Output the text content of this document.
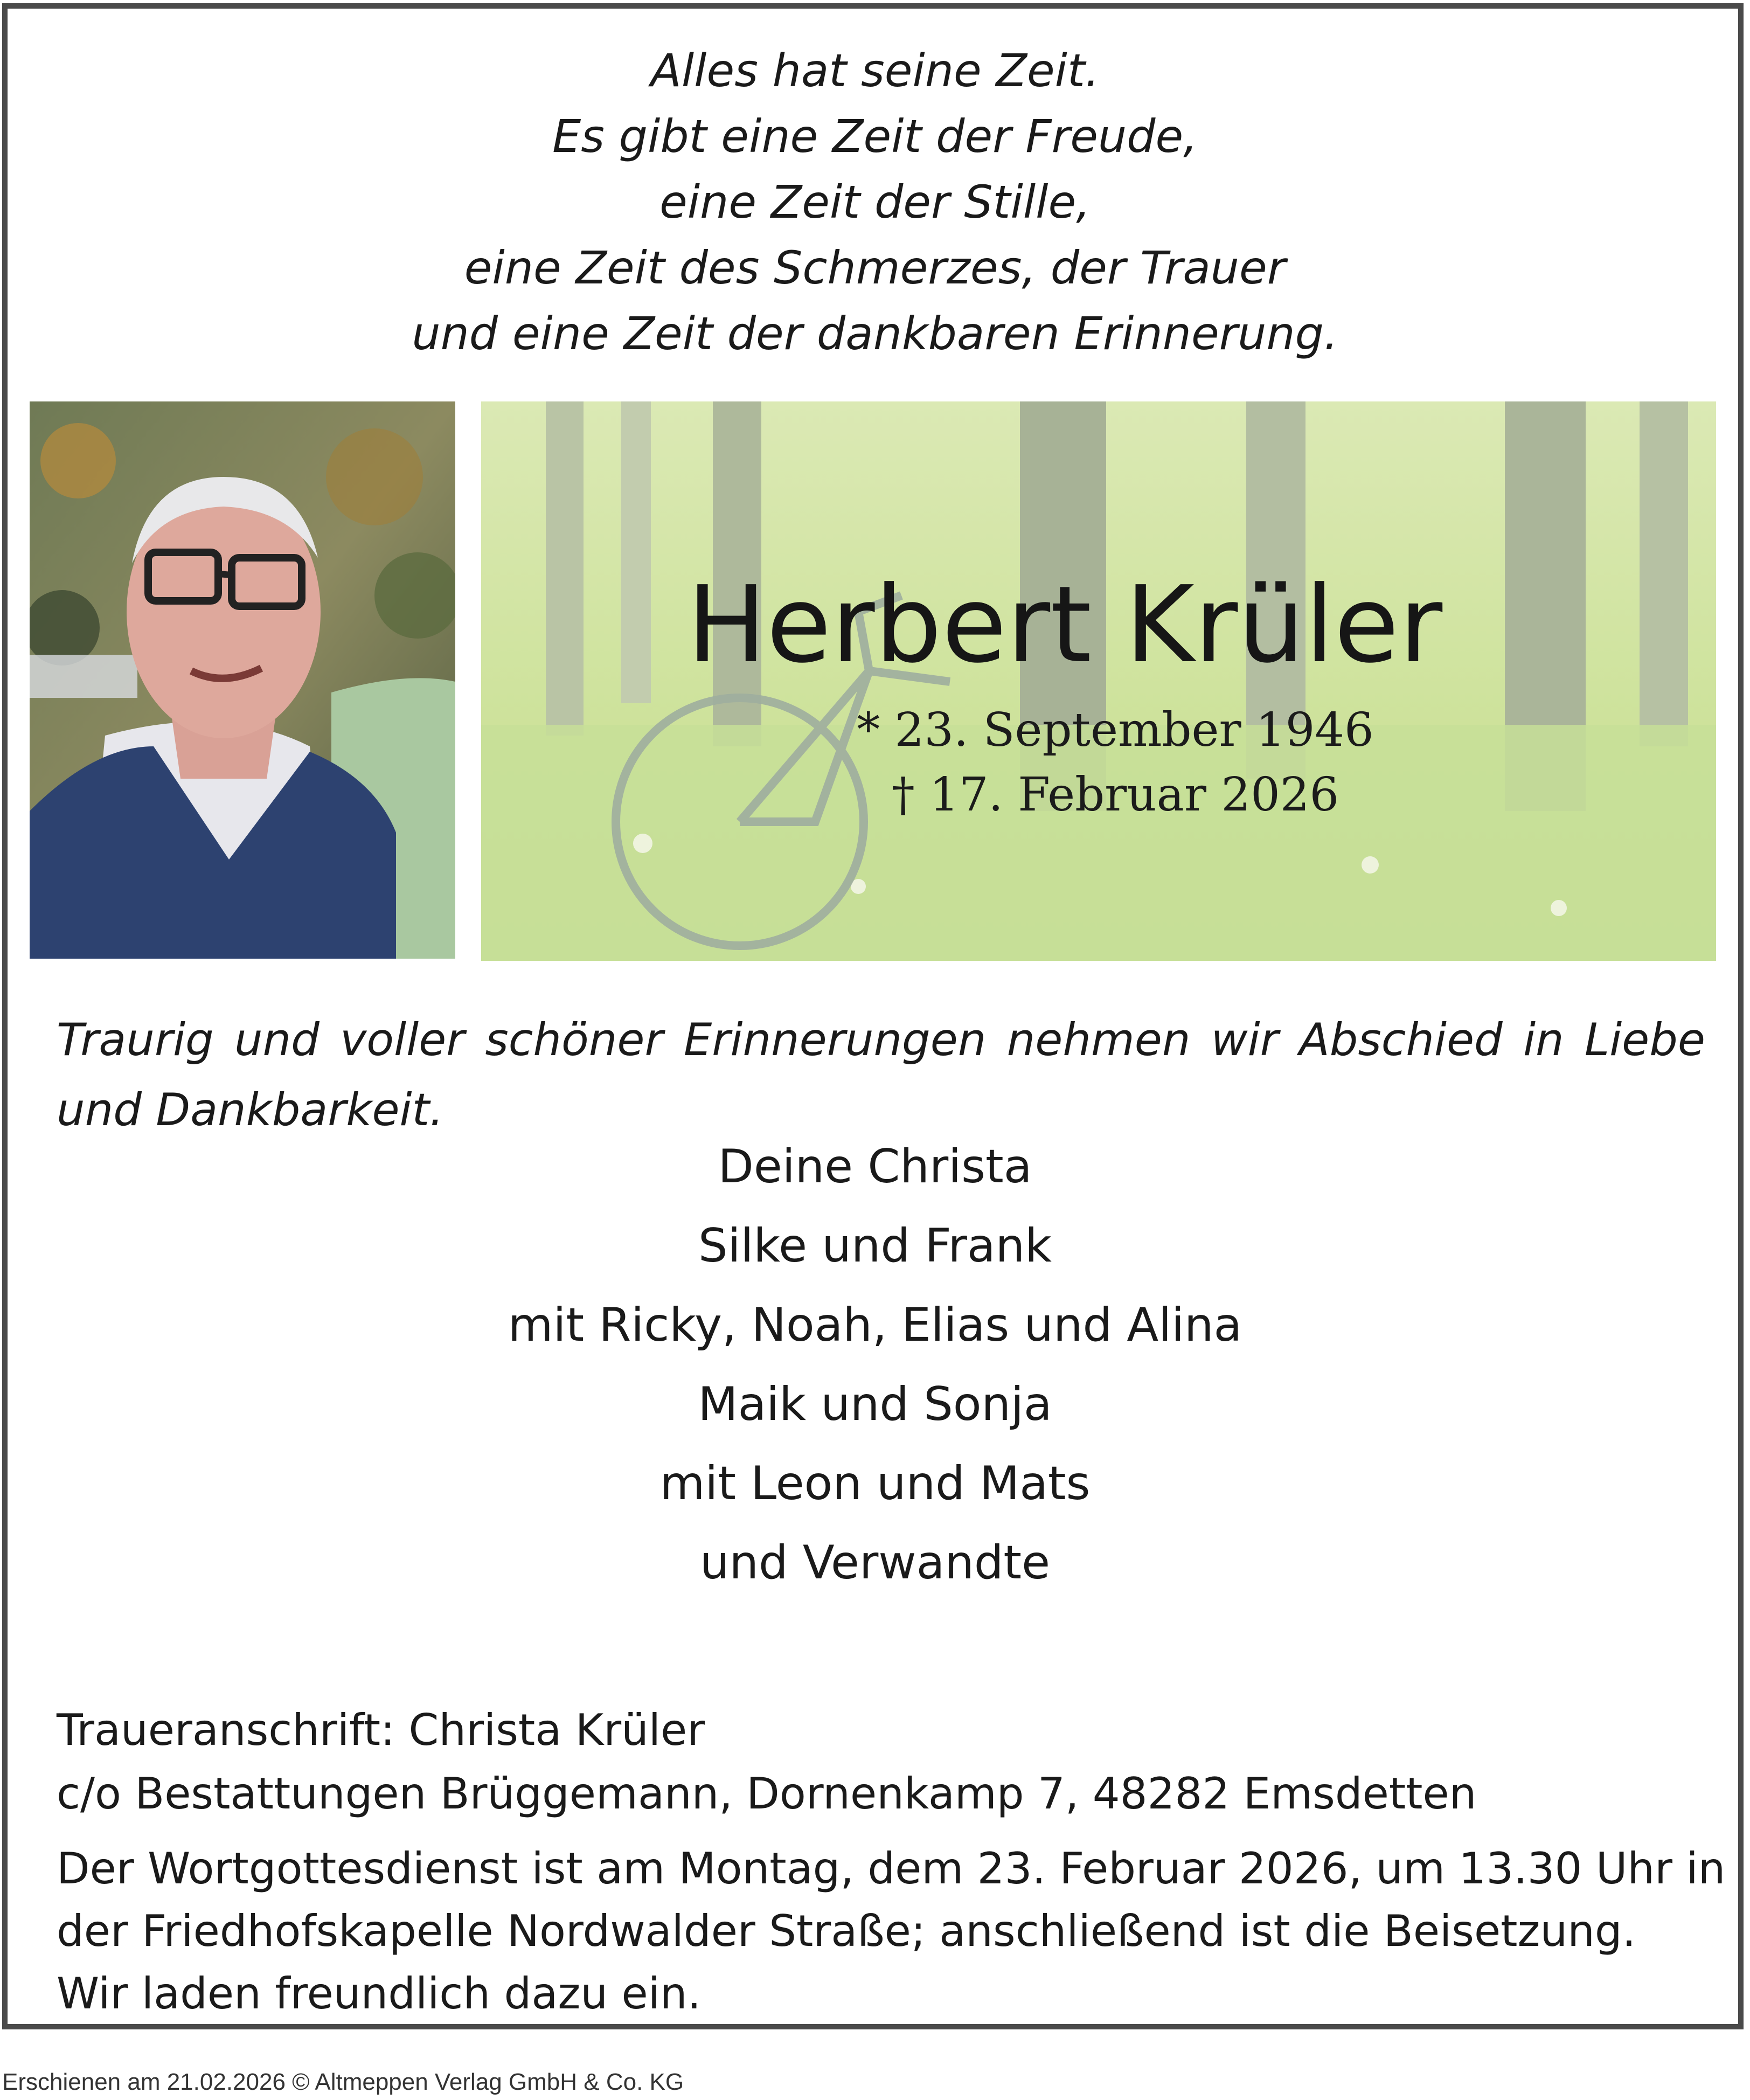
Alles hat seine Zeit.
Es gibt eine Zeit der Freude,
eine Zeit der Stille,
eine Zeit des Schmerzes, der Trauer
und eine Zeit der dankbaren Erinnerung.
Herbert Krüler
* 23. September 1946
† 17. Februar 2026
Traurig und voller schöner Erinnerungen nehmen wir Abschied in Liebe und Dankbarkeit.
Deine Christa
Silke und Frank
mit Ricky, Noah, Elias und Alina
Maik und Sonja
mit Leon und Mats
und Verwandte
Traueranschrift: Christa Krüler
c/o Bestattungen Brüggemann, Dornenkamp 7, 48282 Emsdetten
Der Wortgottesdienst ist am Montag, dem 23. Februar 2026, um 13.30 Uhr in
der Friedhofskapelle Nordwalder Straße; anschließend ist die Beisetzung.
Wir laden freundlich dazu ein.
Erschienen am 21.02.2026 © Altmeppen Verlag GmbH & Co. KG
